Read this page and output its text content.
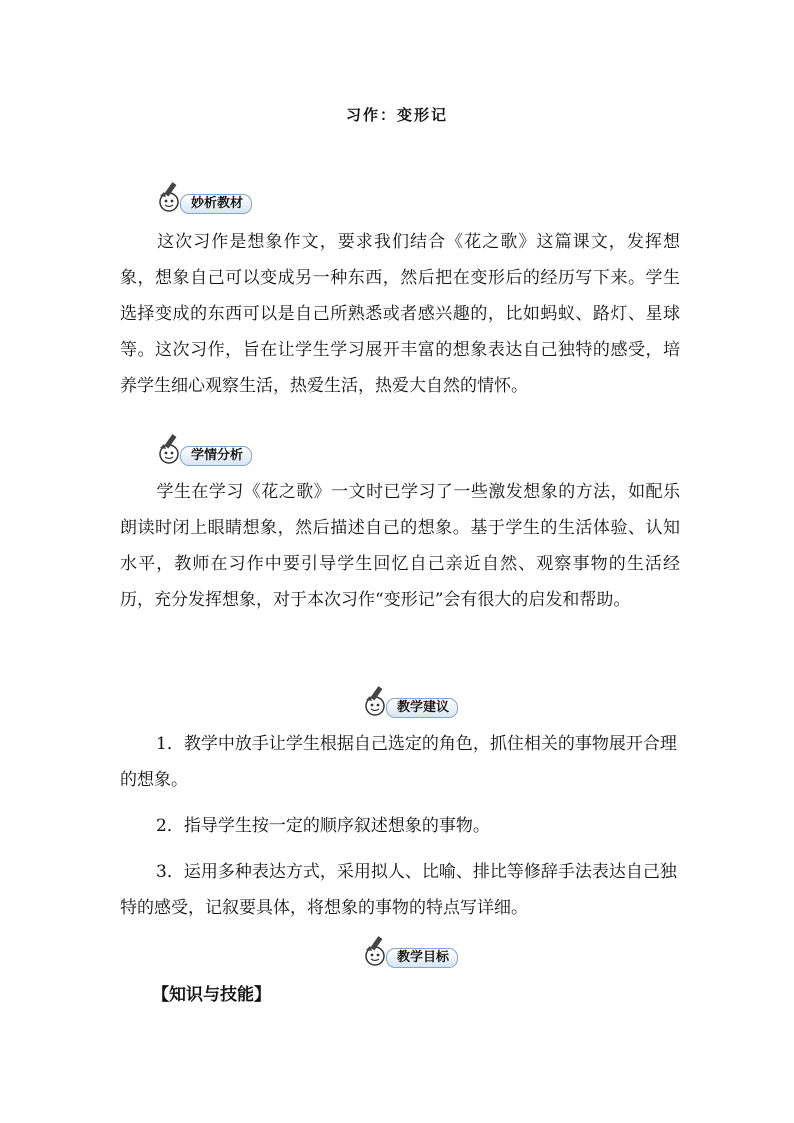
习作：变形记
妙析教材
这次习作是想象作文，要求我们结合《花之歌》这篇课文，发挥想象，想象自己可以变成另一种东西，然后把在变形后的经历写下来。学生选择变成的东西可以是自己所熟悉或者感兴趣的，比如蚂蚁、路灯、星球等。这次习作，旨在让学生学习展开丰富的想象表达自己独特的感受，培养学生细心观察生活，热爱生活，热爱大自然的情怀。
学情分析
学生在学习《花之歌》一文时已学习了一些激发想象的方法，如配乐朗读时闭上眼睛想象，然后描述自己的想象。基于学生的生活体验、认知水平，教师在习作中要引导学生回忆自己亲近自然、观察事物的生活经历，充分发挥想象，对于本次习作“变形记”会有很大的启发和帮助。
教学建议
1．教学中放手让学生根据自己选定的角色，抓住相关的事物展开合理的想象。
2．指导学生按一定的顺序叙述想象的事物。
3．运用多种表达方式，采用拟人、比喻、排比等修辞手法表达自己独特的感受，记叙要具体，将想象的事物的特点写详细。
教学目标
【知识与技能】
